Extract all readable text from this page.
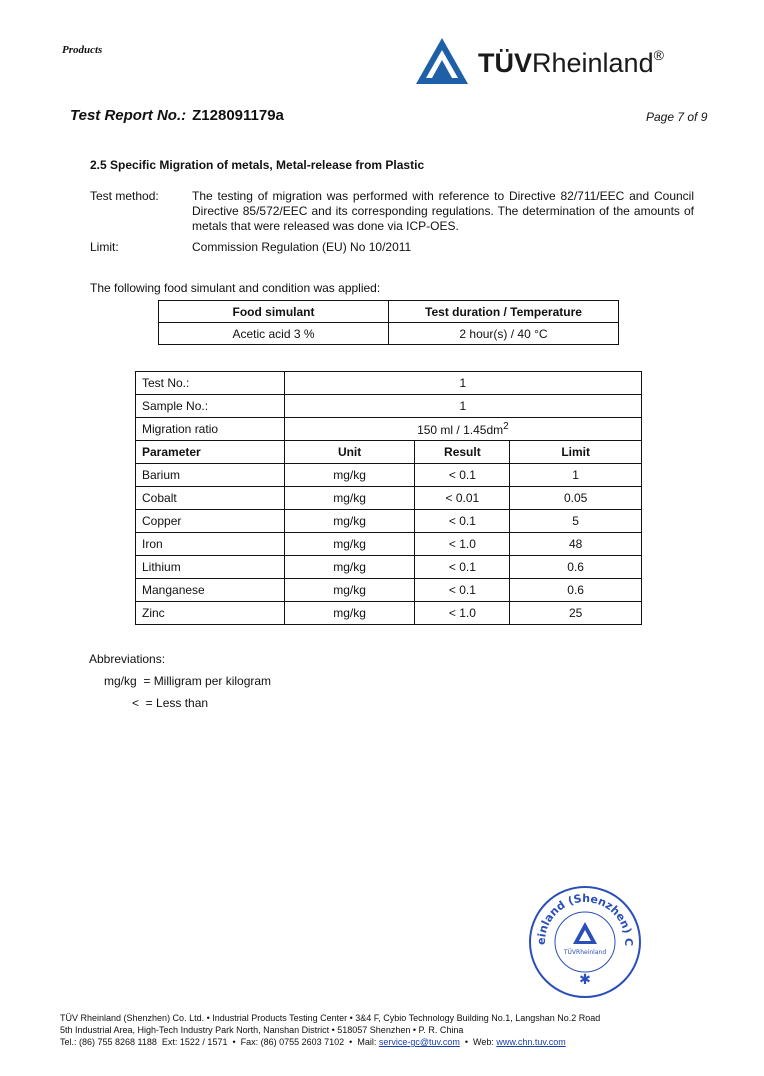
Products	TÜVRheinland®
Test Report No.: Z128091179a	Page 7 of 9
2.5 Specific Migration of metals, Metal-release from Plastic
Test method:	The testing of migration was performed with reference to Directive 82/711/EEC and Council Directive 85/572/EEC and its corresponding regulations. The determination of the amounts of metals that were released was done via ICP-OES.
Limit:	Commission Regulation (EU) No 10/2011
The following food simulant and condition was applied:
Food simulant	Test duration / Temperature
Acetic acid 3 %	2 hour(s) / 40 °C
Test No.:	1		
Sample No.:	1		
Migration ratio	150 ml / $1.45dm^2$
Parameter	Unit	Result	Limit
Barium	mg/kg	< 0.1	1
Cobalt	mg/kg	< 0.01	0.05
Copper	mg/kg	< 0.1	5
Iron	mg/kg	< 1.0	48
Lithium	mg/kg	< 0.1	0.6
Manganese	mg/kg	< 0.1	0.6
Zinc	mg/kg	< 1.0	25
Abbreviations:
mg/kg  = Milligram per kilogram
<  = Less than
einland (Shenzhen) C
TÜVRheinland
✱
TÜV Rheinland (Shenzhen) Co. Ltd. • Industrial Products Testing Center • 3&4 F, Cybio Technology Building No.1, Langshan No.2 Road
5th Industrial Area, High-Tech Industry Park North, Nanshan District • 518057 Shenzhen • P. R. China
Tel.: (86) 755 8268 1188  Ext: 1522 / 1571  •  Fax: (86) 0755 2603 7102  •  Mail: service-gc@tuv.com  •  Web: www.chn.tuv.com
